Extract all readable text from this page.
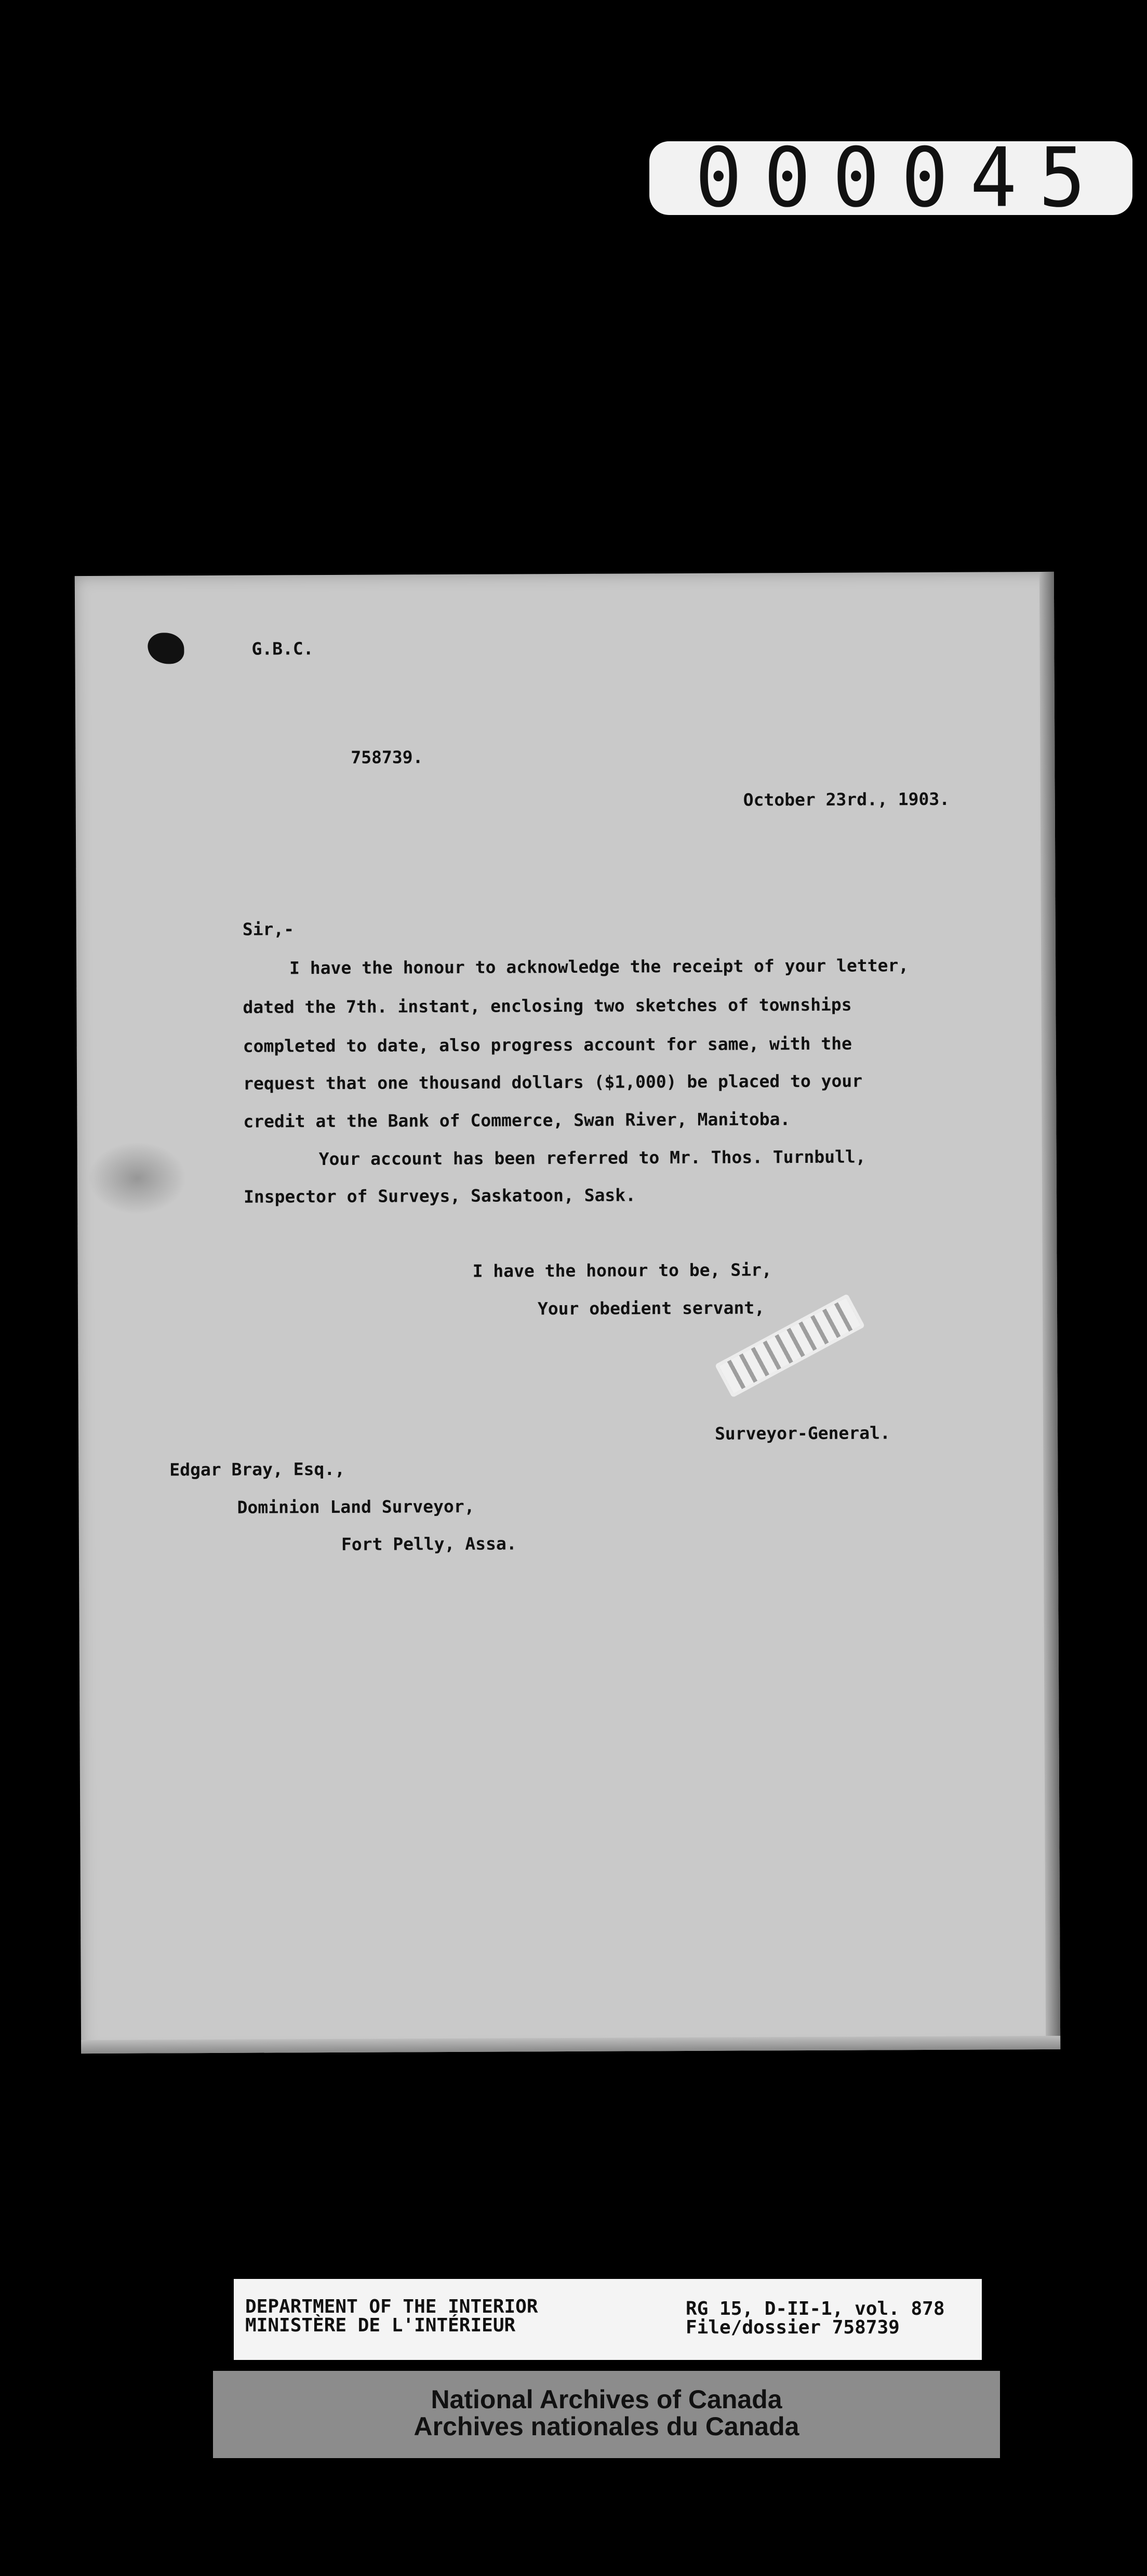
000045
G.B.C.
758739.
October 23rd., 1903.
Sir,-
I have the honour to acknowledge the receipt of your letter,
dated the 7th. instant, enclosing two sketches of townships
completed to date, also progress account for same, with the
request that one thousand dollars ($1,000) be placed to your
credit at the Bank of Commerce, Swan River, Manitoba.
Your account has been referred to Mr. Thos. Turnbull,
Inspector of Surveys, Saskatoon, Sask.
I have the honour to be, Sir,
Your obedient servant,
Surveyor-General.
Edgar Bray, Esq.,
Dominion Land Surveyor,
Fort Pelly, Assa.
DEPARTMENT OF THE INTERIOR
MINISTÈRE DE L'INTÉRIEUR
RG 15, D-II-1, vol. 878
File/dossier 758739
National Archives of Canada
Archives nationales du Canada
